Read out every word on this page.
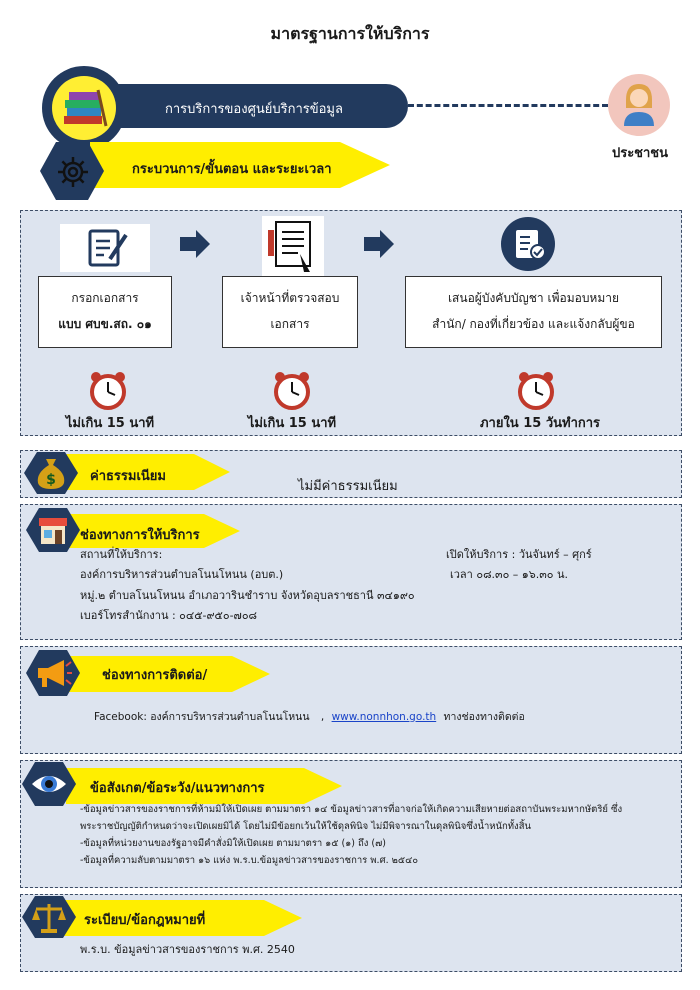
มาตรฐานการให้บริการ
การบริการของศูนย์บริการข้อมูล
ประชาชน
กระบวนการ/ขั้นตอน และระยะเวลา
กรอกเอกสาร
แบบ ศบข.สถ. ๐๑
เจ้าหน้าที่ตรวจสอบ
เอกสาร
เสนอผู้บังคับบัญชา เพื่อมอบหมาย
สำนัก/ กองที่เกี่ยวข้อง และแจ้งกลับผู้ขอ
ไม่เกิน 15 นาที	ไม่เกิน 15 นาที	ภายใน 15 วันทำการ
$	ค่าธรรมเนียม
ไม่มีค่าธรรมเนียม
ช่องทางการให้บริการ
สถานที่ให้บริการ:
องค์การบริหารส่วนตำบลโนนโหนน (อบต.)
หมู่.๒ ตำบลโนนโหนน อำเภอวารินชำราบ จังหวัดอุบลราชธานี ๓๔๑๙๐
เบอร์โทรสำนักงาน : ๐๔๕-๙๕๐-๗๐๘
เปิดให้บริการ : วันจันทร์ – ศุกร์
เวลา ๐๘.๓๐ – ๑๖.๓๐ น.
ช่องทางการติดต่อ/
Facebook: องค์การบริหารส่วนตำบลโนนโหนน , www.nonnhon.go.th ทางช่องทางติดต่อ
ข้อสังเกต/ข้อระวัง/แนวทางการ
-ข้อมูลข่าวสารของราชการที่ห้ามมิให้เปิดเผย ตามมาตรา ๑๔ ข้อมูลข่าวสารที่อาจก่อให้เกิดความเสียหายต่อสถาบันพระมหากษัตริย์ ซึ่ง
พระราชบัญญัติกำหนดว่าจะเปิดเผยมิได้ โดยไม่มีข้อยกเว้นให้ใช้ดุลพินิจ ไม่มีพิจารณาในดุลพินิจซึ่งน้ำหนักทั้งสิ้น
-ข้อมูลที่หน่วยงานของรัฐอาจมีคำสั่งมิให้เปิดเผย ตามมาตรา ๑๕ (๑) ถึง (๗)
-ข้อมูลที่ความลับตามมาตรา ๑๖ แห่ง พ.ร.บ.ข้อมูลข่าวสารของราชการ พ.ศ. ๒๕๔๐
ระเบียบ/ข้อกฎหมายที่
พ.ร.บ. ข้อมูลข่าวสารของราชการ พ.ศ. 2540
